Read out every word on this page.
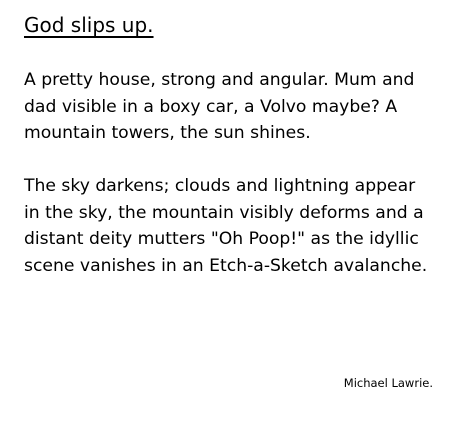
God slips up.

A pretty house, strong and angular. Mum and
dad visible in a boxy car, a Volvo maybe? A
mountain towers, the sun shines.

The sky darkens; clouds and lightning appear
in the sky, the mountain visibly deforms and a
distant deity mutters "Oh Poop!" as the idyllic
scene vanishes in an Etch-a-Sketch avalanche.

Michael Lawrie.
